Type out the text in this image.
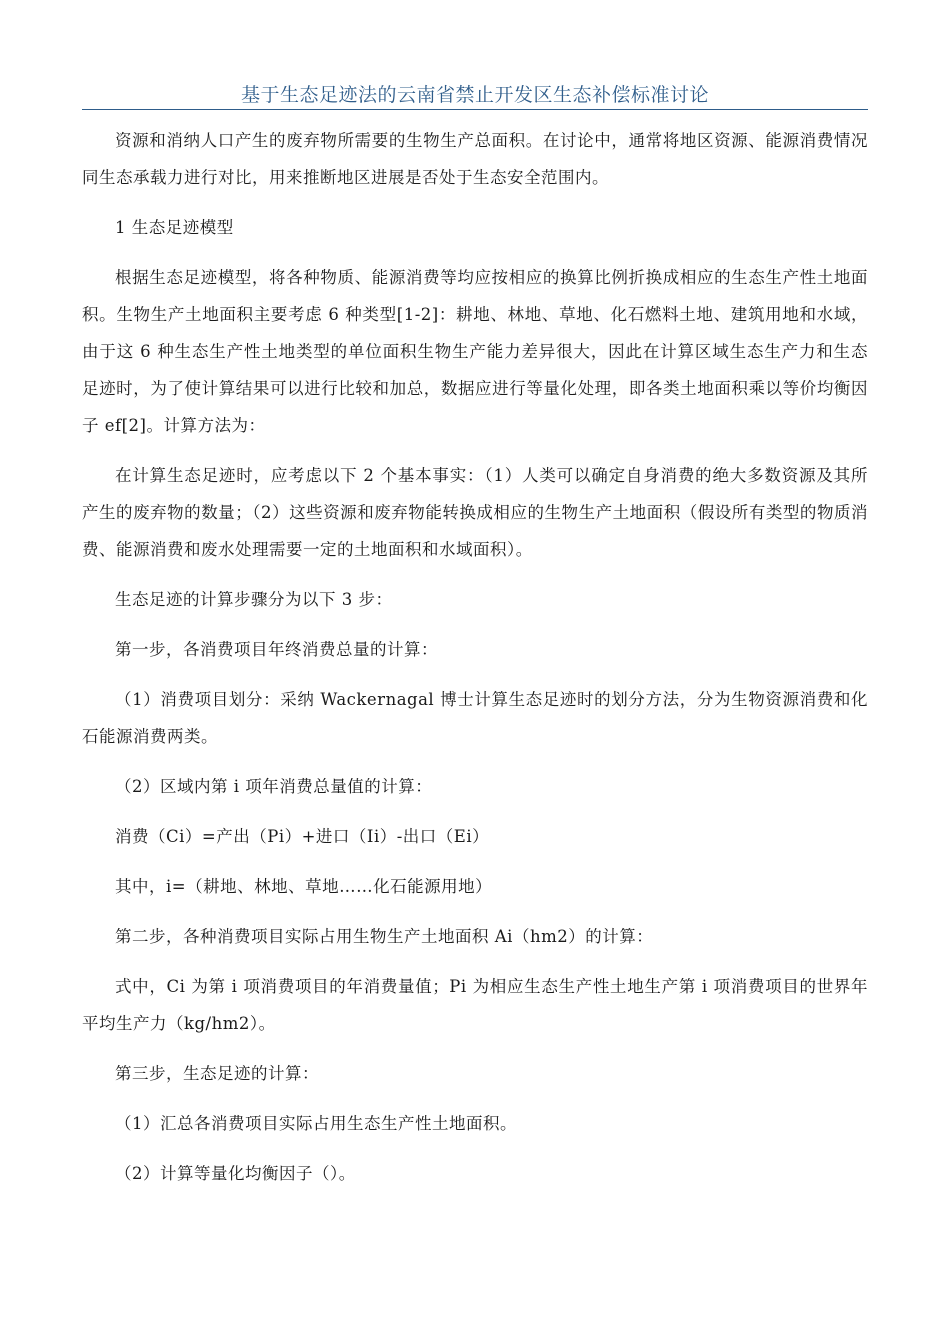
基于生态足迹法的云南省禁止开发区生态补偿标准讨论

资源和消纳人口产生的废弃物所需要的生物生产总面积。在讨论中，通常将地区资源、能源消费情况同生态承载力进行对比，用来推断地区进展是否处于生态安全范围内。

1 生态足迹模型

根据生态足迹模型，将各种物质、能源消费等均应按相应的换算比例折换成相应的生态生产性土地面积。生物生产土地面积主要考虑 6 种类型[1-2]：耕地、林地、草地、化石燃料土地、建筑用地和水域，由于这 6 种生态生产性土地类型的单位面积生物生产能力差异很大，因此在计算区域生态生产力和生态足迹时，为了使计算结果可以进行比较和加总，数据应进行等量化处理，即各类土地面积乘以等价均衡因子 ef[2]。计算方法为：

在计算生态足迹时，应考虑以下 2 个基本事实：（1）人类可以确定自身消费的绝大多数资源及其所产生的废弃物的数量；（2）这些资源和废弃物能转换成相应的生物生产土地面积（假设所有类型的物质消费、能源消费和废水处理需要一定的土地面积和水域面积）。

生态足迹的计算步骤分为以下 3 步：

第一步，各消费项目年终消费总量的计算：

（1）消费项目划分：采纳 Wackernagal 博士计算生态足迹时的划分方法，分为生物资源消费和化石能源消费两类。

（2）区域内第 i 项年消费总量值的计算：

消费（Ci）=产出（Pi）+进口（Ii）-出口（Ei）

其中，i=（耕地、林地、草地……化石能源用地）

第二步，各种消费项目实际占用生物生产土地面积 Ai（hm2）的计算：

式中，Ci 为第 i 项消费项目的年消费量值；Pi 为相应生态生产性土地生产第 i 项消费项目的世界年平均生产力（kg/hm2）。

第三步，生态足迹的计算：

（1）汇总各消费项目实际占用生态生产性土地面积。

（2）计算等量化均衡因子（）。
